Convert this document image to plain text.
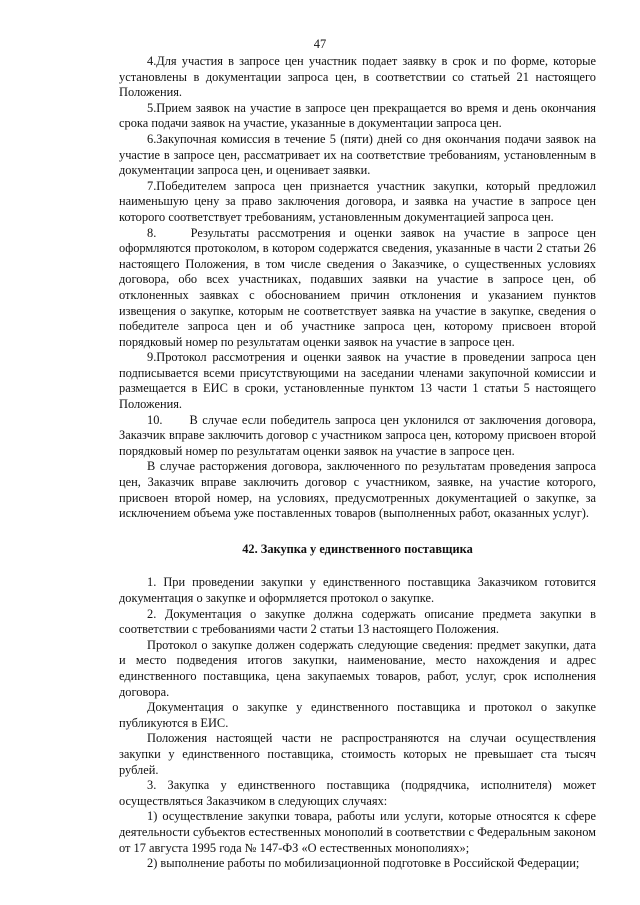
47

4.Для участия в запросе цен участник подает заявку в срок и по форме, которые установлены в документации запроса цен, в соответствии со статьей 21 настоящего Положения.

5.Прием заявок на участие в запросе цен прекращается во время и день окончания срока подачи заявок на участие, указанные в документации запроса цен.

6.Закупочная комиссия в течение 5 (пяти) дней со дня окончания подачи заявок на участие в запросе цен, рассматривает их на соответствие требованиям, установленным в документации запроса цен, и оценивает заявки.

7.Победителем запроса цен признается участник закупки, который предложил наименьшую цену за право заключения договора, и заявка на участие в запросе цен которого соответствует требованиям, установленным документацией запроса цен.

8.    Результаты рассмотрения и оценки заявок на участие в запросе цен оформляются протоколом, в котором содержатся сведения, указанные в части 2 статьи 26 настоящего Положения, в том числе сведения о Заказчике, о существенных условиях договора, обо всех участниках, подавших заявки на участие в запросе цен, об отклоненных заявках с обоснованием причин отклонения и указанием пунктов извещения о закупке, которым не соответствует заявка на участие в закупке, сведения о победителе запроса цен и об участнике запроса цен, которому присвоен второй порядковый номер по результатам оценки заявок на участие в запросе цен.

9.Протокол рассмотрения и оценки заявок на участие в проведении запроса цен подписывается всеми присутствующими на заседании членами закупочной комиссии и размещается в ЕИС в сроки, установленные пунктом 13 части 1 статьи 5 настоящего Положения.

10.      В случае если победитель запроса цен уклонился от заключения договора, Заказчик вправе заключить договор с участником запроса цен, которому присвоен второй порядковый номер по результатам оценки заявок на участие в запросе цен.

В случае расторжения договора, заключенного по результатам проведения запроса цен, Заказчик вправе заключить договор с участником, заявке, на участие которого, присвоен второй номер, на условиях, предусмотренных документацией о закупке, за исключением объема уже поставленных товаров (выполненных работ, оказанных услуг).

42. Закупка у единственного поставщика

1. При проведении закупки у единственного поставщика Заказчиком готовится документация о закупке и оформляется протокол о закупке.

2. Документация о закупке должна содержать описание предмета закупки в соответствии с требованиями части 2 статьи 13 настоящего Положения.

Протокол о закупке должен содержать следующие сведения: предмет закупки, дата и место подведения итогов закупки, наименование, место нахождения и адрес единственного поставщика, цена закупаемых товаров, работ, услуг, срок исполнения договора.

Документация о закупке у единственного поставщика и протокол о закупке публикуются в ЕИС.

Положения настоящей части не распространяются на случаи осуществления закупки у единственного поставщика, стоимость которых не превышает ста тысяч рублей.

3. Закупка у единственного поставщика (подрядчика, исполнителя) может осуществляться Заказчиком в следующих случаях:

1) осуществление закупки товара, работы или услуги, которые относятся к сфере деятельности субъектов естественных монополий в соответствии с Федеральным законом от 17 августа 1995 года № 147-ФЗ «О естественных монополиях»;

2) выполнение работы по мобилизационной подготовке в Российской Федерации;
